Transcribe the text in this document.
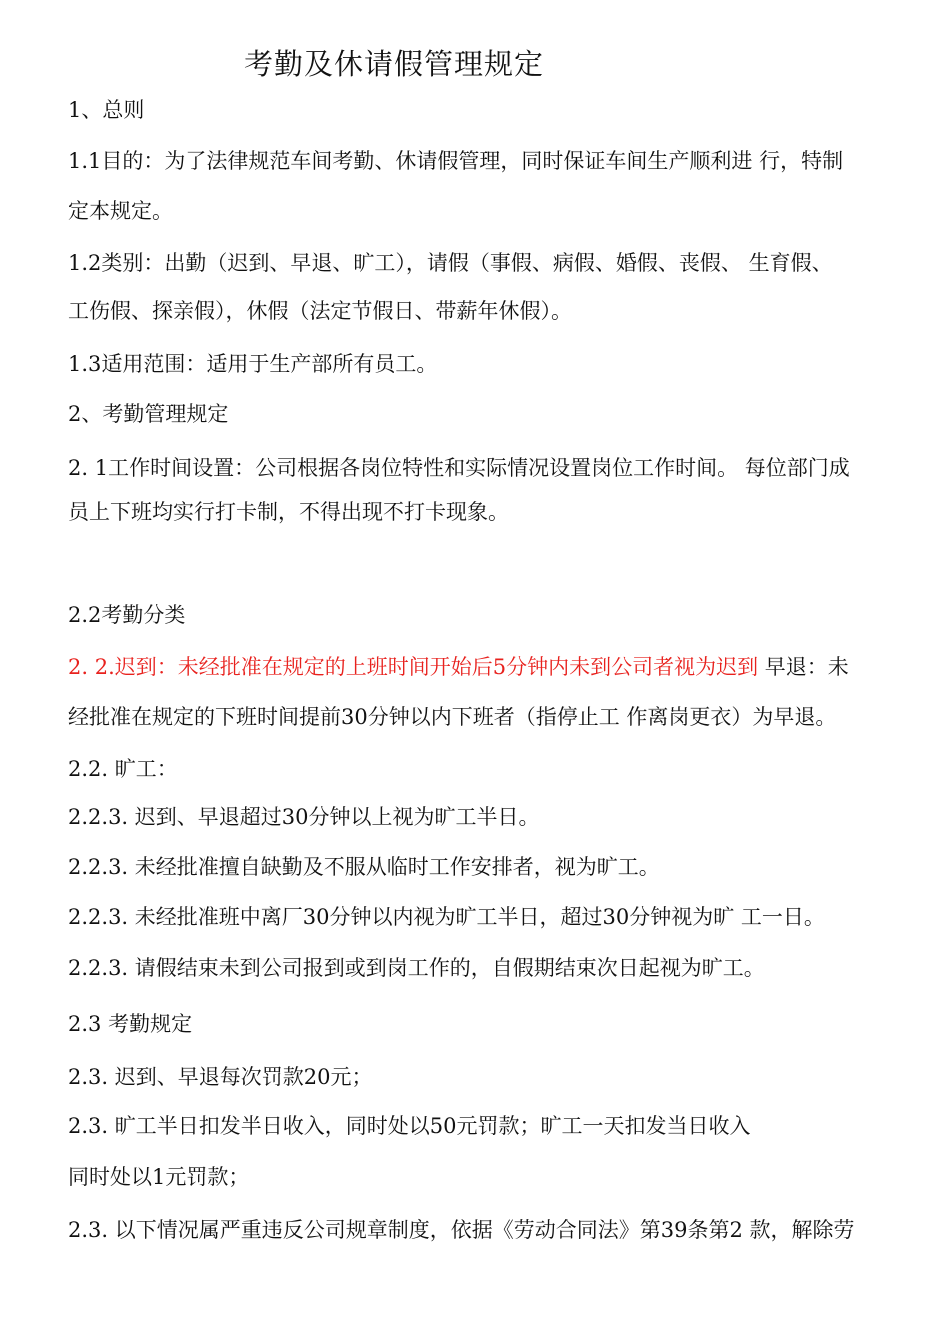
考勤及休请假管理规定
1、总则
1.1目的：为了法律规范车间考勤、休请假管理，同时保证车间生产顺利进 行，特制
定本规定。
1.2类别：出勤（迟到、早退、旷工），请假（事假、病假、婚假、丧假、 生育假、
工伤假、探亲假），休假（法定节假日、带薪年休假）。
1.3适用范围：适用于生产部所有员工。
2、考勤管理规定
2. 1工作时间设置：公司根据各岗位特性和实际情况设置岗位工作时间。 每位部门成
员上下班均实行打卡制，不得出现不打卡现象。
2.2考勤分类
2. 2.迟到：未经批准在规定的上班时间开始后5分钟内未到公司者视为迟到 早退：未
经批准在规定的下班时间提前30分钟以内下班者（指停止工 作离岗更衣）为早退。
2.2. 旷工：
2.2.3. 迟到、早退超过30分钟以上视为旷工半日。
2.2.3. 未经批准擅自缺勤及不服从临时工作安排者，视为旷工。
2.2.3. 未经批准班中离厂30分钟以内视为旷工半日，超过30分钟视为旷 工一日。
2.2.3. 请假结束未到公司报到或到岗工作的，自假期结束次日起视为旷工。
2.3 考勤规定
2.3. 迟到、早退每次罚款20元；
2.3. 旷工半日扣发半日收入，同时处以50元罚款；旷工一天扣发当日收入
同时处以1元罚款；
2.3. 以下情况属严重违反公司规章制度，依据《劳动合同法》第39条第2 款，解除劳
